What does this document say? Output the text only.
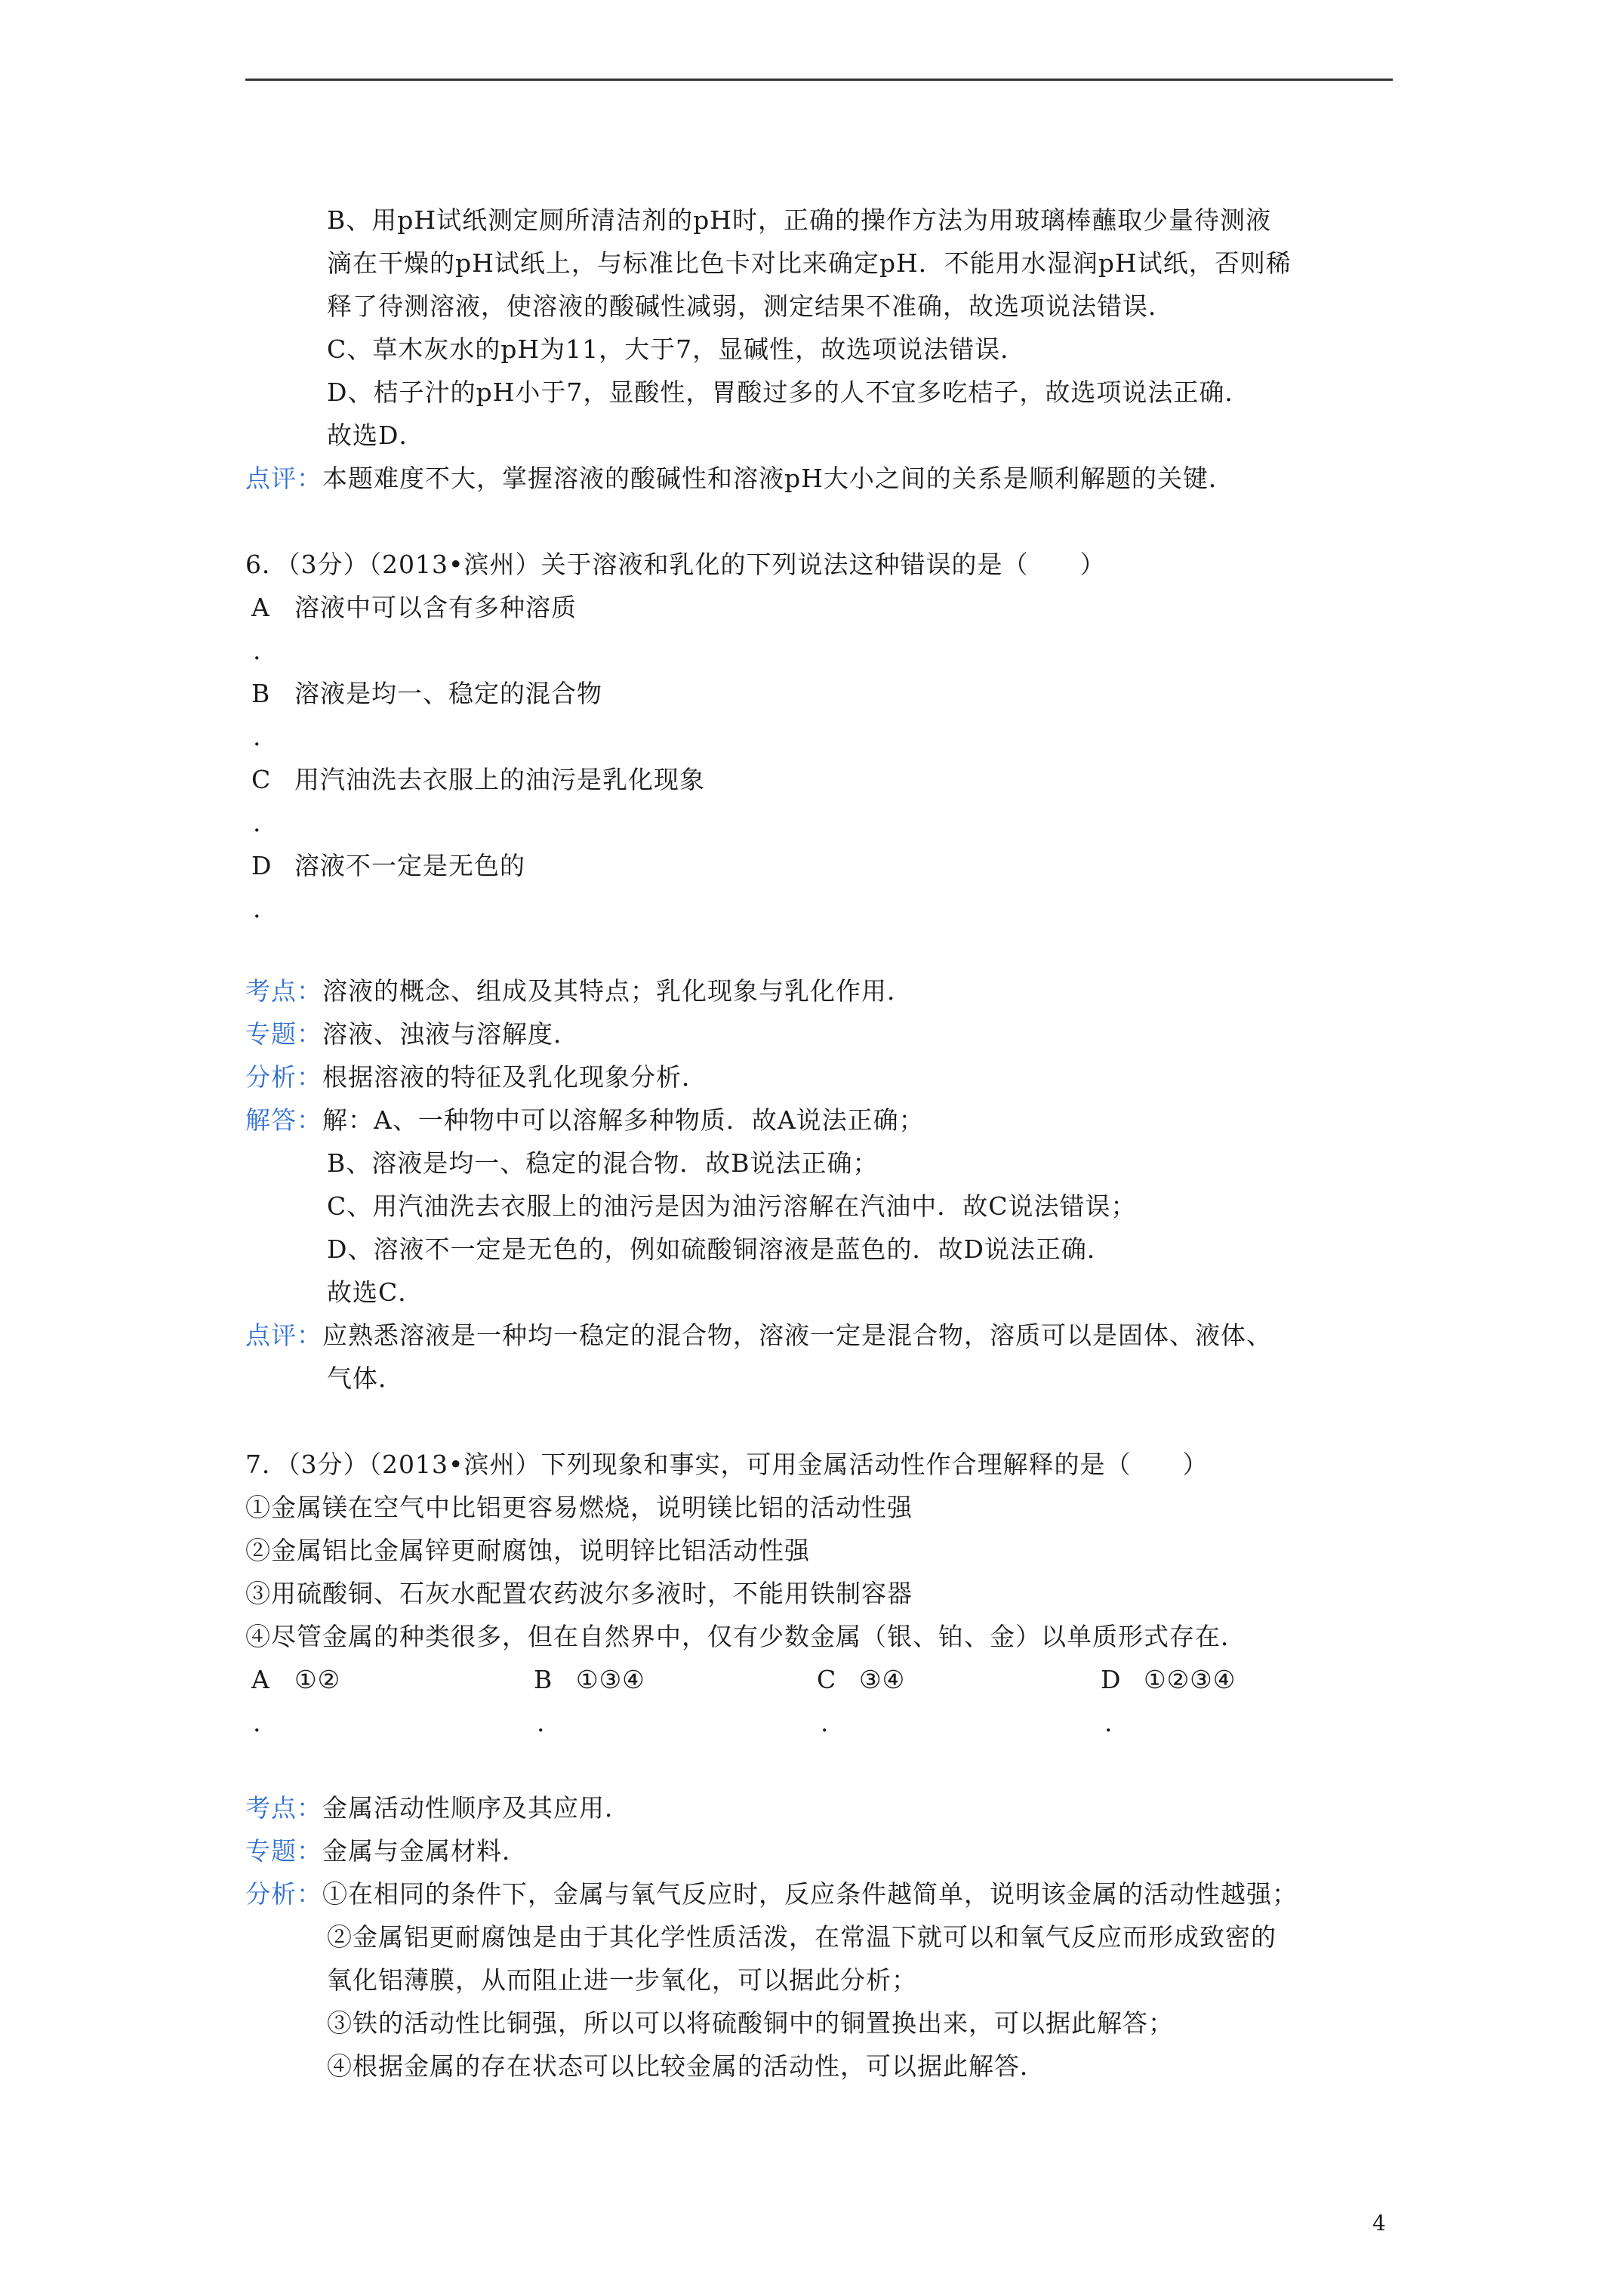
B、用pH试纸测定厕所清洁剂的pH时，正确的操作方法为用玻璃棒蘸取少量待测液
滴在干燥的pH试纸上，与标准比色卡对比来确定pH．不能用水湿润pH试纸，否则稀
释了待测溶液，使溶液的酸碱性减弱，测定结果不准确，故选项说法错误．
C、草木灰水的pH为11，大于7，显碱性，故选项说法错误．
D、桔子汁的pH小于7，显酸性，胃酸过多的人不宜多吃桔子，故选项说法正确．
故选D．
点评：本题难度不大，掌握溶液的酸碱性和溶液pH大小之间的关系是顺利解题的关键．
6．（3分）（2013•滨州）关于溶液和乳化的下列说法这种错误的是（　　）
A 溶液中可以含有多种溶质
.
B 溶液是均一、稳定的混合物
.
C 用汽油洗去衣服上的油污是乳化现象
.
D 溶液不一定是无色的
.
考点：溶液的概念、组成及其特点；乳化现象与乳化作用．
专题：溶液、浊液与溶解度．
分析：根据溶液的特征及乳化现象分析．
解答：解：A、一种物中可以溶解多种物质．故A说法正确；
B、溶液是均一、稳定的混合物．故B说法正确；
C、用汽油洗去衣服上的油污是因为油污溶解在汽油中．故C说法错误；
D、溶液不一定是无色的，例如硫酸铜溶液是蓝色的．故D说法正确．
故选C．
点评：应熟悉溶液是一种均一稳定的混合物，溶液一定是混合物，溶质可以是固体、液体、
气体．
7．（3分）（2013•滨州）下列现象和事实，可用金属活动性作合理解释的是（　　）
①金属镁在空气中比铝更容易燃烧，说明镁比铝的活动性强
②金属铝比金属锌更耐腐蚀，说明锌比铝活动性强
③用硫酸铜、石灰水配置农药波尔多液时，不能用铁制容器
④尽管金属的种类很多，但在自然界中，仅有少数金属（银、铂、金）以单质形式存在．
A ①②
.
B ①③④
.
C ③④
.
D ①②③④
.
考点：金属活动性顺序及其应用．
专题：金属与金属材料．
分析：①在相同的条件下，金属与氧气反应时，反应条件越简单，说明该金属的活动性越强；
②金属铝更耐腐蚀是由于其化学性质活泼，在常温下就可以和氧气反应而形成致密的
氧化铝薄膜，从而阻止进一步氧化，可以据此分析；
③铁的活动性比铜强，所以可以将硫酸铜中的铜置换出来，可以据此解答；
④根据金属的存在状态可以比较金属的活动性，可以据此解答．
4
